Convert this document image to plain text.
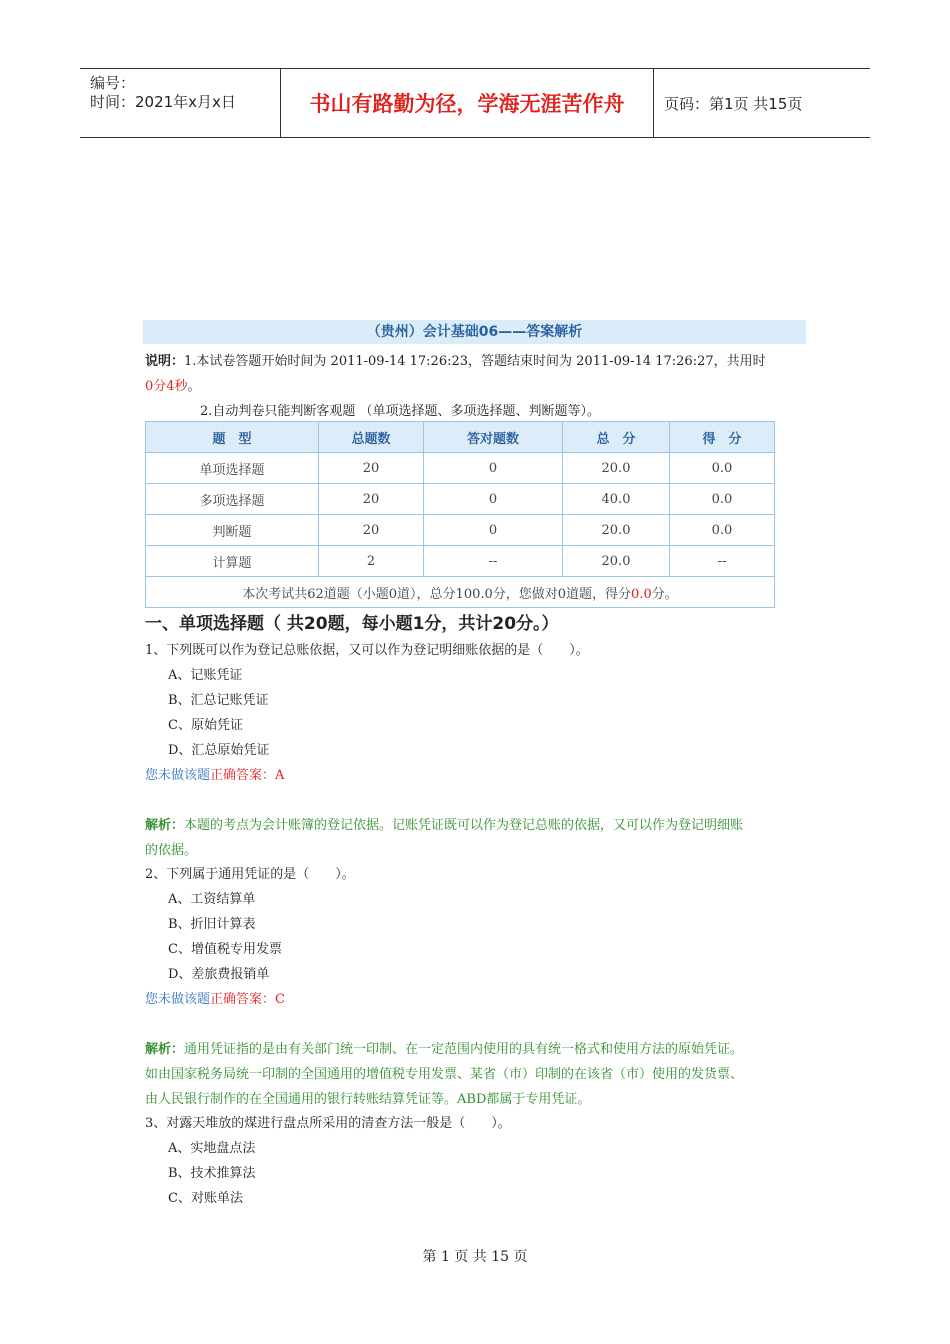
编号：
时间：2021年x月x日	书山有路勤为径，学海无涯苦作舟	页码：第1页 共15页
（贵州）会计基础06——答案解析
说明：1.本试卷答题开始时间为 2011-09-14 17:26:23，答题结束时间为 2011-09-14 17:26:27，共用时
0分4秒。
2.自动判卷只能判断客观题 （单项选择题、多项选择题、判断题等）。
题　型	总题数	答对题数	总　分	得　分
单项选择题	20	0	20.0	0.0
多项选择题	20	0	40.0	0.0
判断题	20	0	20.0	0.0
计算题	2	--	20.0	--
本次考试共62道题（小题0道），总分100.0分，您做对0道题，得分0.0分。				
一、单项选择题（ 共20题，每小题1分，共计20分。）
1、下列既可以作为登记总账依据，又可以作为登记明细账依据的是（　　）。
A、记账凭证
B、汇总记账凭证
C、原始凭证
D、汇总原始凭证
您未做该题正确答案：A
解析：本题的考点为会计账簿的登记依据。记账凭证既可以作为登记总账的依据，又可以作为登记明细账
的依据。
2、下列属于通用凭证的是（　　）。
A、工资结算单
B、折旧计算表
C、增值税专用发票
D、差旅费报销单
您未做该题正确答案：C
解析：通用凭证指的是由有关部门统一印制、在一定范围内使用的具有统一格式和使用方法的原始凭证。
如由国家税务局统一印制的全国通用的增值税专用发票、某省（市）印制的在该省（市）使用的发货票、
由人民银行制作的在全国通用的银行转账结算凭证等。ABD都属于专用凭证。
3、对露天堆放的煤进行盘点所采用的清查方法一般是（　　）。
A、实地盘点法
B、技术推算法
C、对账单法
第 1 页 共 15 页
